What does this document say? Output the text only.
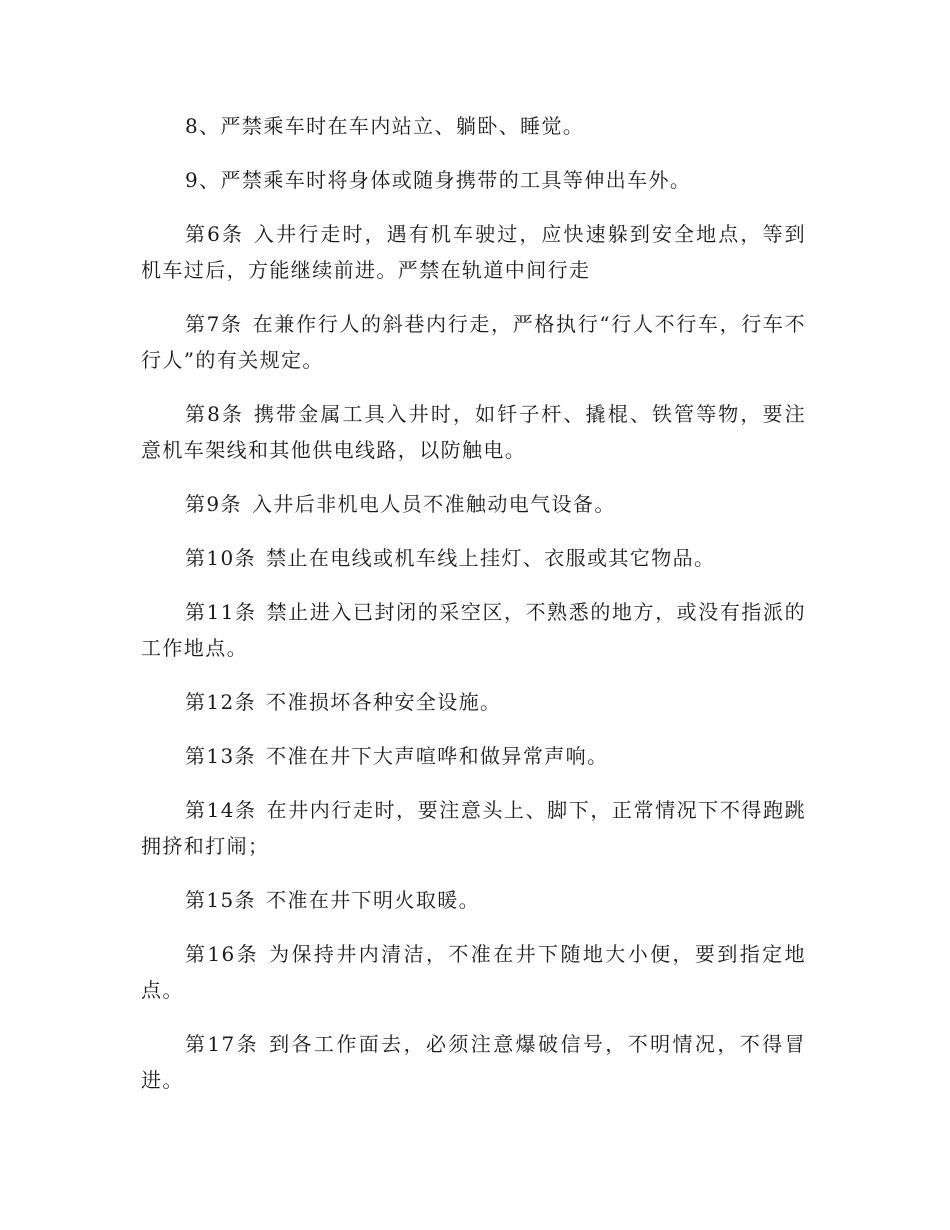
8、严禁乘车时在车内站立、躺卧、睡觉。

9、严禁乘车时将身体或随身携带的工具等伸出车外。

第6条 入井行走时，遇有机车驶过，应快速躲到安全地点，等到机车过后，方能继续前进。严禁在轨道中间行走

第7条 在兼作行人的斜巷内行走，严格执行“行人不行车，行车不行人”的有关规定。

第8条 携带金属工具入井时，如钎子杆、撬棍、铁管等物，要注意机车架线和其他供电线路，以防触电。

第9条 入井后非机电人员不准触动电气设备。

第10条 禁止在电线或机车线上挂灯、衣服或其它物品。

第11条 禁止进入已封闭的采空区，不熟悉的地方，或没有指派的工作地点。

第12条 不准损坏各种安全设施。

第13条 不准在井下大声喧哗和做异常声响。

第14条 在井内行走时，要注意头上、脚下，正常情况下不得跑跳拥挤和打闹；

第15条 不准在井下明火取暖。

第16条 为保持井内清洁，不准在井下随地大小便，要到指定地点。

第17条 到各工作面去，必须注意爆破信号，不明情况，不得冒进。
